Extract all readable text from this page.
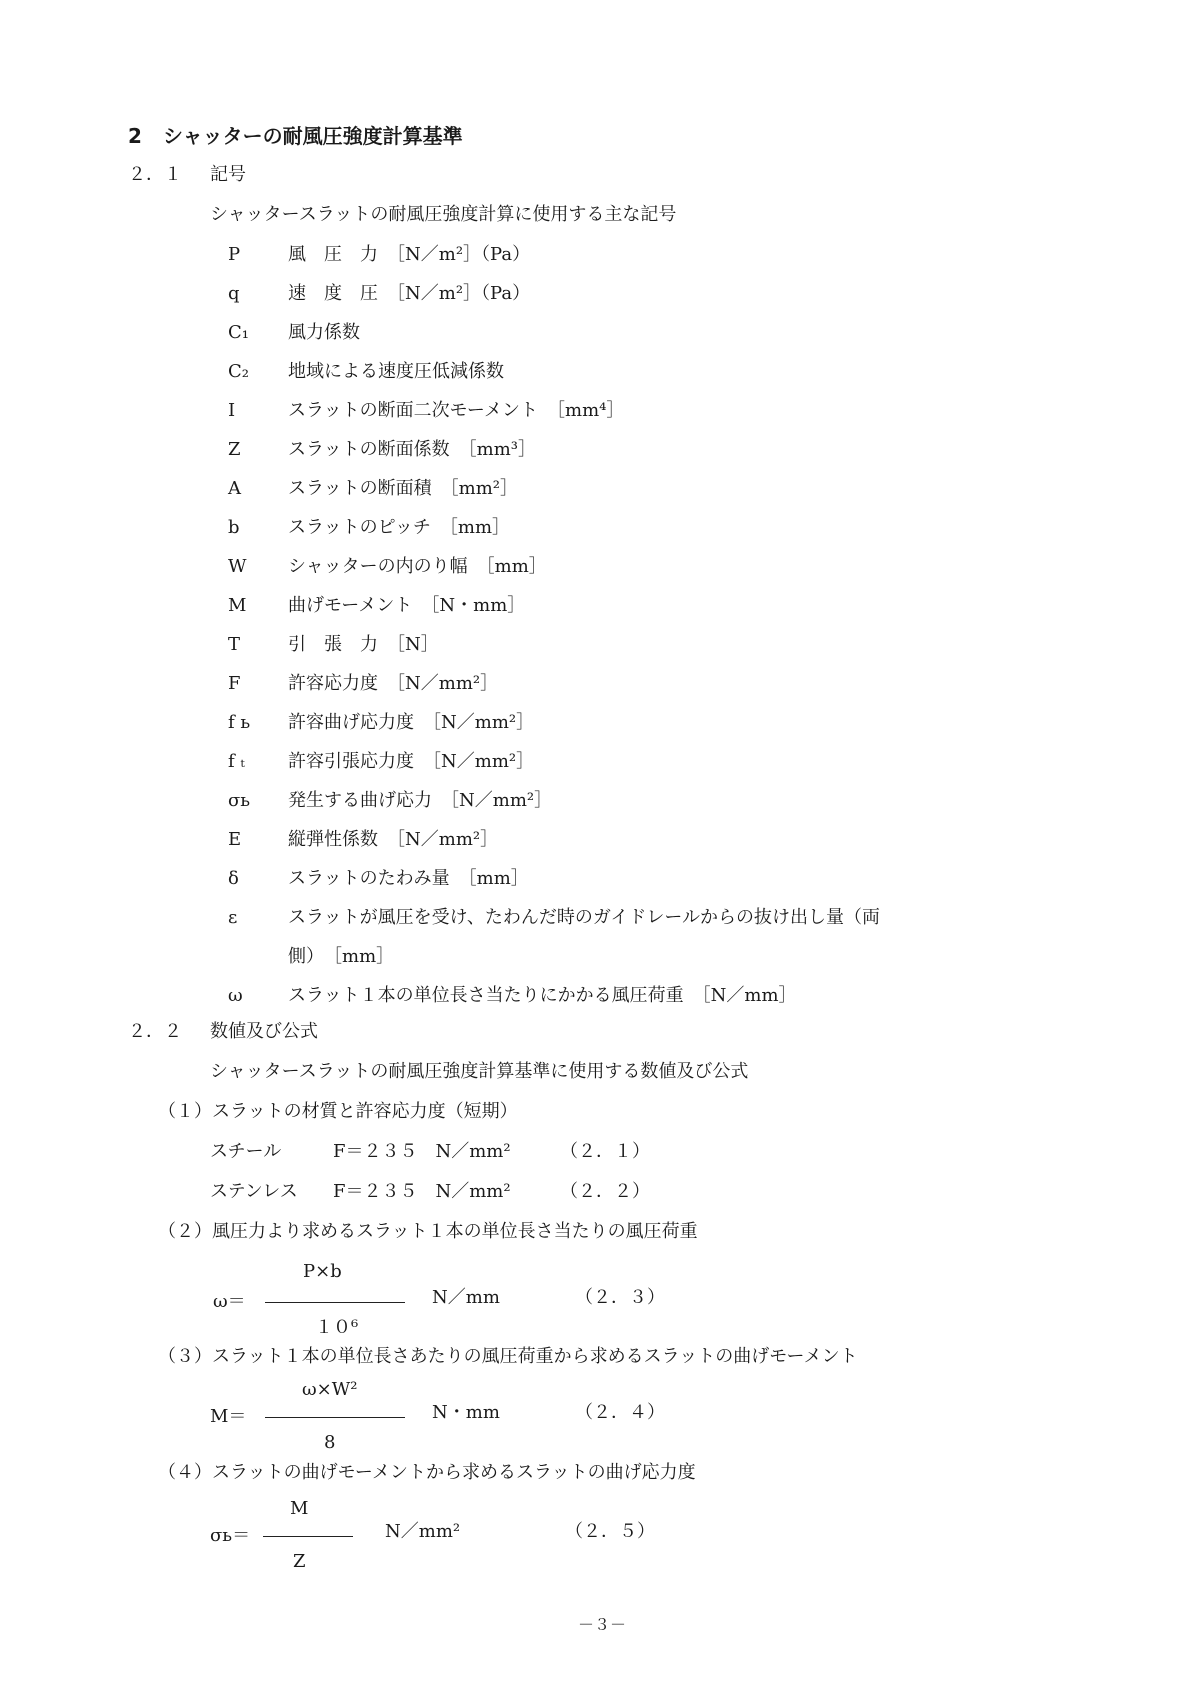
2 シャッターの耐風圧強度計算基準
２．１ 記号
シャッタースラットの耐風圧強度計算に使用する主な記号
P	風　圧　力　［N／m²］（Pa）
q	速　度　圧　［N／m²］（Pa）
C₁ 風力係数
C₂ 地域による速度圧低減係数
I	スラットの断面二次モーメント　［mm⁴］
Z	スラットの断面係数　［mm³］
A	スラットの断面積　［mm²］
b	スラットのピッチ　［mm］
W シャッターの内のり幅　［mm］
M 曲げモーメント　［N・mm］
T	引　張　力　［N］
F	許容応力度　［N／mm²］
f ь 許容曲げ応力度　［N／mm²］
f ₜ 許容引張応力度　［N／mm²］
σь 発生する曲げ応力　［N／mm²］
E	縦弾性係数　［N／mm²］
δ	スラットのたわみ量　［mm］
ε	スラットが風圧を受け、たわんだ時のガイドレールからの抜け出し量（両
側）　［mm］
ω	スラット１本の単位長さ当たりにかかる風圧荷重　［N／mm］
２．２ 数値及び公式
シャッタースラットの耐風圧強度計算基準に使用する数値及び公式
（１）スラットの材質と許容応力度（短期）
スチール	F＝２３５　N／mm²	（２．１）
ステンレス F＝２３５　N／mm²	（２．２）
（２）風圧力より求めるスラット１本の単位長さ当たりの風圧荷重
P×b
ω＝	N／mm	（２．３）
１０⁶
（３）スラット１本の単位長さあたりの風圧荷重から求めるスラットの曲げモーメント
ω×W²
M＝	N・mm	（２．４）
8
（４）スラットの曲げモーメントから求めるスラットの曲げ応力度
M
σь＝	N／mm²	（２．５）
Z
－３－
